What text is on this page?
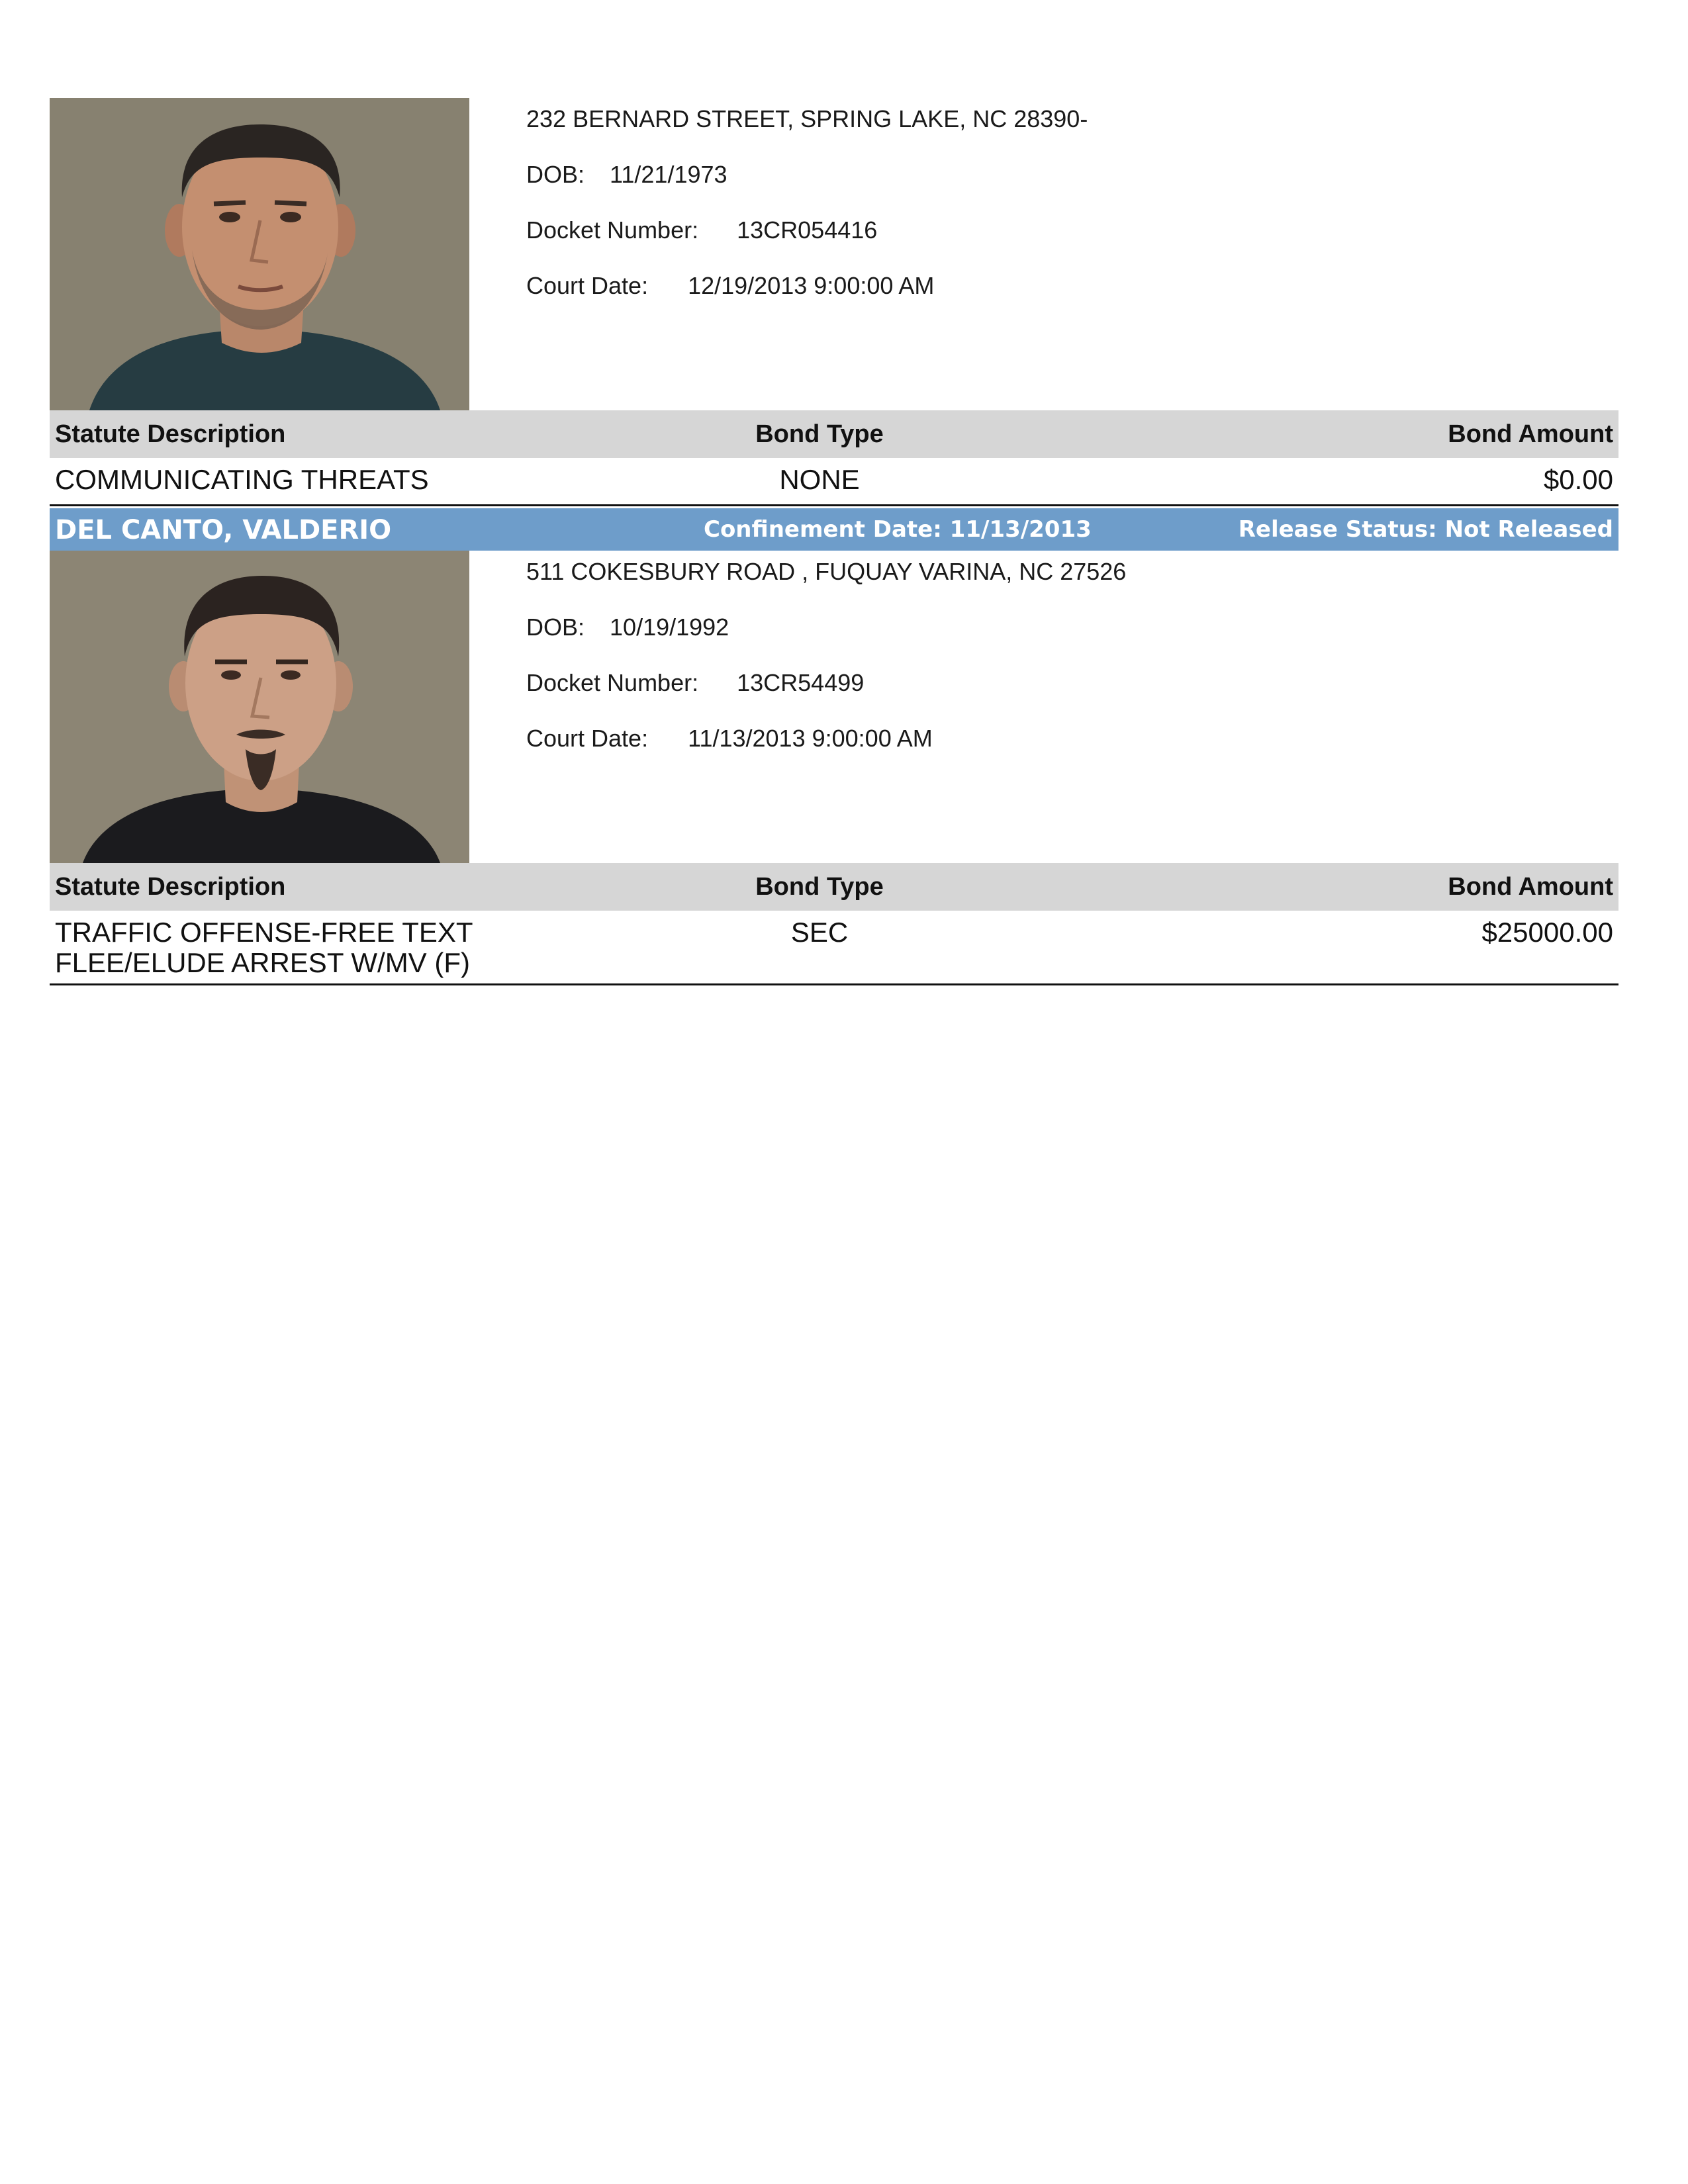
232 BERNARD STREET, SPRING LAKE, NC 28390-
DOB: 11/21/1973
Docket Number: 13CR054416
Court Date: 12/19/2013 9:00:00 AM
Statute Description	Bond Type	Bond Amount
COMMUNICATING THREATS	NONE	$0.00
DEL CANTO, VALDERIO	Confinement Date: 11/13/2013	Release Status: Not Released
511 COKESBURY ROAD , FUQUAY VARINA, NC 27526
DOB: 10/19/1992
Docket Number: 13CR54499
Court Date: 11/13/2013 9:00:00 AM
Statute Description	Bond Type	Bond Amount
TRAFFIC OFFENSE-FREE TEXT
FLEE/ELUDE ARREST W/MV (F)
SEC	$25000.00
